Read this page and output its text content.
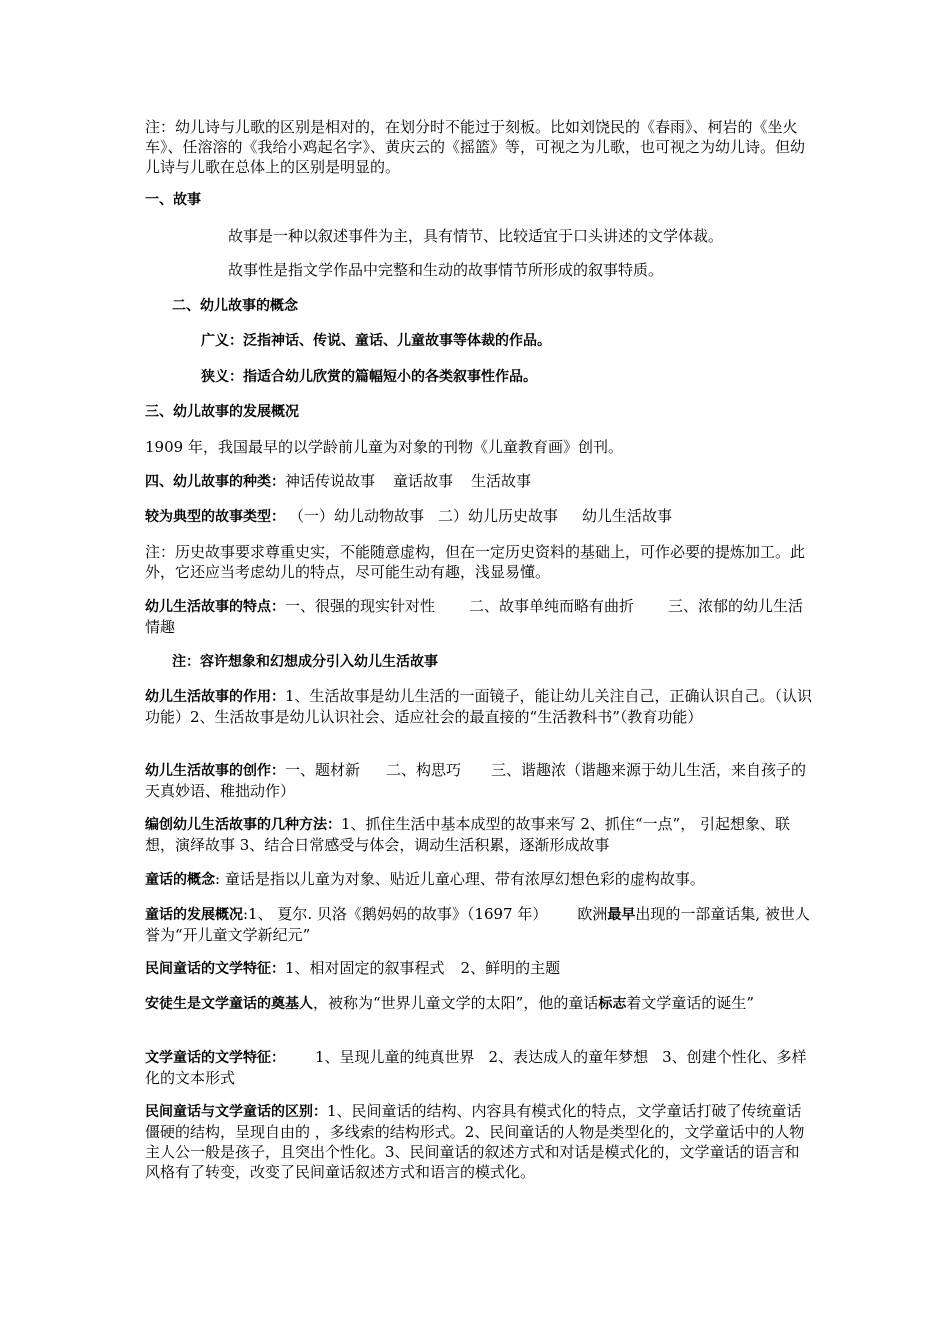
注：幼儿诗与儿歌的区别是相对的，在划分时不能过于刻板。比如刘饶民的《春雨》、柯岩的《坐火车》、任溶溶的《我给小鸡起名字》、黄庆云的《摇篮》等，可视之为儿歌，也可视之为幼儿诗。但幼儿诗与儿歌在总体上的区别是明显的。

一、故事

故事是一种以叙述事件为主，具有情节、比较适宜于口头讲述的文学体裁。

故事性是指文学作品中完整和生动的故事情节所形成的叙事特质。

二、幼儿故事的概念

广义：泛指神话、传说、童话、儿童故事等体裁的作品。

狭义：指适合幼儿欣赏的篇幅短小的各类叙事性作品。

三、幼儿故事的发展概况

1909 年，我国最早的以学龄前儿童为对象的刊物《儿童教育画》创刊。

四、幼儿故事的种类：神话传说故事 童话故事 生活故事

较为典型的故事类型： （一）幼儿动物故事 二）幼儿历史故事 幼儿生活故事

注：历史故事要求尊重史实，不能随意虚构，但在一定历史资料的基础上，可作必要的提炼加工。此外，它还应当考虑幼儿的特点，尽可能生动有趣，浅显易懂。

幼儿生活故事的特点：一、很强的现实针对性 二、故事单纯而略有曲折 三、浓郁的幼儿生活情趣

注：容许想象和幻想成分引入幼儿生活故事

幼儿生活故事的作用：1、生活故事是幼儿生活的一面镜子，能让幼儿关注自己，正确认识自己。（认识功能）2、生活故事是幼儿认识社会、适应社会的最直接的“生活教科书”（教育功能）

幼儿生活故事的创作：一、题材新 二、构思巧 三、谐趣浓（谐趣来源于幼儿生活，来自孩子的天真妙语、稚拙动作）

编创幼儿生活故事的几种方法：1、抓住生活中基本成型的故事来写 2、抓住“一点”， 引起想象、联想，演绎故事 3、结合日常感受与体会，调动生活积累，逐渐形成故事

童话的概念: 童话是指以儿童为对象、贴近儿童心理、带有浓厚幻想色彩的虚构故事。

童话的发展概况:1、 夏尔. 贝洛《鹅妈妈的故事》（1697 年） 欧洲最早出现的一部童话集, 被世人誉为“开儿童文学新纪元”

民间童话的文学特征：1、相对固定的叙事程式 2、鲜明的主题

安徒生是文学童话的奠基人，被称为“世界儿童文学的太阳”，他的童话标志着文学童话的诞生”

文学童话的文学特征： 1、呈现儿童的纯真世界 2、表达成人的童年梦想 3、创建个性化、多样化的文本形式

民间童话与文学童话的区别：1、民间童话的结构、内容具有模式化的特点，文学童话打破了传统童话僵硬的结构，呈现自由的 ，多线索的结构形式。2、民间童话的人物是类型化的，文学童话中的人物主人公一般是孩子，且突出个性化。3、民间童话的叙述方式和对话是模式化的，文学童话的语言和风格有了转变，改变了民间童话叙述方式和语言的模式化。
